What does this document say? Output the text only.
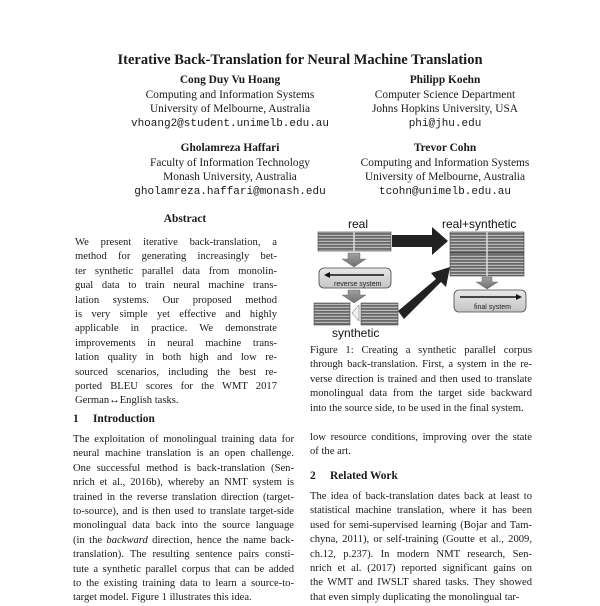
Iterative Back-Translation for Neural Machine Translation
Cong Duy Vu Hoang
Computing and Information Systems
University of Melbourne, Australia
vhoang2@student.unimelb.edu.au
Philipp Koehn
Computer Science Department
Johns Hopkins University, USA
phi@jhu.edu
Gholamreza Haffari
Faculty of Information Technology
Monash University, Australia
gholamreza.haffari@monash.edu
Trevor Cohn
Computing and Information Systems
University of Melbourne, Australia
tcohn@unimelb.edu.au
Abstract
We present iterative back-translation, a
method for generating increasingly bet-
ter synthetic parallel data from monolin-
gual data to train neural machine trans-
lation systems. Our proposed method
is very simple yet effective and highly
applicable in practice. We demonstrate
improvements in neural machine trans-
lation quality in both high and low re-
sourced scenarios, including the best re-
ported BLEU scores for the WMT 2017
German↔English tasks.
1 Introduction
The exploitation of monolingual training data for
neural machine translation is an open challenge.
One successful method is back-translation (Sen-
nrich et al., 2016b), whereby an NMT system is
trained in the reverse translation direction (target-
to-source), and is then used to translate target-side
monolingual data back into the source language
(in the backward direction, hence the name back-
translation). The resulting sentence pairs consti-
tute a synthetic parallel corpus that can be added
to the existing training data to learn a source-to-
target model. Figure 1 illustrates this idea.
real
reverse system
synthetic
real+synthetic
final system
Figure 1: Creating a synthetic parallel corpus
through back-translation. First, a system in the re-
verse direction is trained and then used to translate
monolingual data from the target side backward
into the source side, to be used in the final system.
low resource conditions, improving over the state
of the art.
2 Related Work
The idea of back-translation dates back at least to
statistical machine translation, where it has been
used for semi-supervised learning (Bojar and Tam-
chyna, 2011), or self-training (Goutte et al., 2009,
ch.12, p.237). In modern NMT research, Sen-
nrich et al. (2017) reported significant gains on
the WMT and IWSLT shared tasks. They showed
that even simply duplicating the monolingual tar-
